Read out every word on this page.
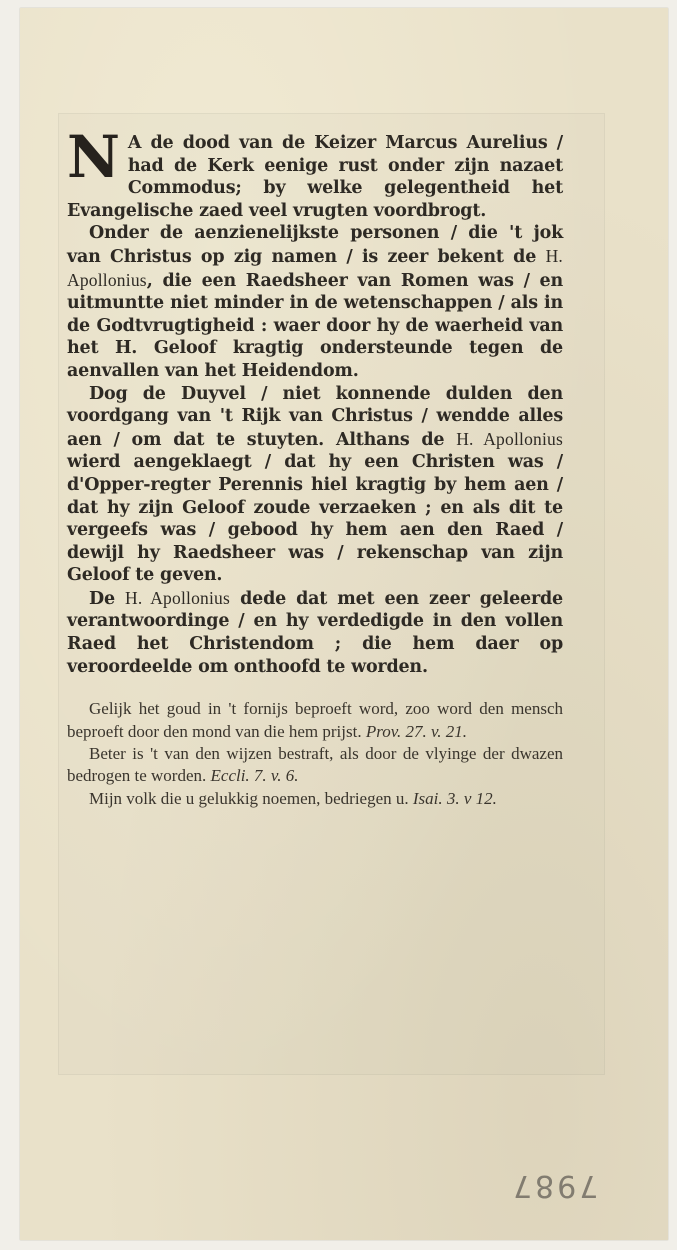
N A de dood van de Keizer Marcus Aurelius / had de Kerk eenige rust onder zijn nazaet Commodus; by welke gelegentheid het Evangelische zaed veel vrugten voordbrogt.

Onder de aenzienelijkste personen / die 't jok van Christus op zig namen / is zeer bekent de H. Apollonius, die een Raedsheer van Romen was / en uitmuntte niet minder in de wetenschappen / als in de Godtvrugtigheid : waer door hy de waerheid van het H. Geloof kragtig onderstеunde tegen de aenvallen van het Heidendom.

Dog de Duyvel / niet konnende dulden den voordgang van 't Rijk van Christus / wendde alles aen / om dat te stuyten. Althans de H. Apollonius wierd aengeklaegt / dat hy een Christen was / d'Opper-regter Perennis hiel kragtig by hem aen / dat hy zijn Geloof zoude verzaeken ; en als dit te vergeefs was / gebood hy hem aen den Raed / dewijl hy Raedsheer was / rekenschap van zijn Geloof te geven.

De H. Apollonius dede dat met een zeer geleerde verantwoordinge / en hy verdedigde in den vollen Raed het Christendom ; die hem daer op veroordeelde om onthoofd te worden.

Gelijk het goud in 't fornijs beproeft word, zoo word den mensch beproeft door den mond van die hem prijst. Prov. 27. v. 21.

Beter is 't van den wijzen bestraft, als door de vlyinge der dwazen bedrogen te worden. Eccli. 7. v. 6.

Mijn volk die u gelukkig noemen, bedriegen u. Isai. 3. v 12.

7987
